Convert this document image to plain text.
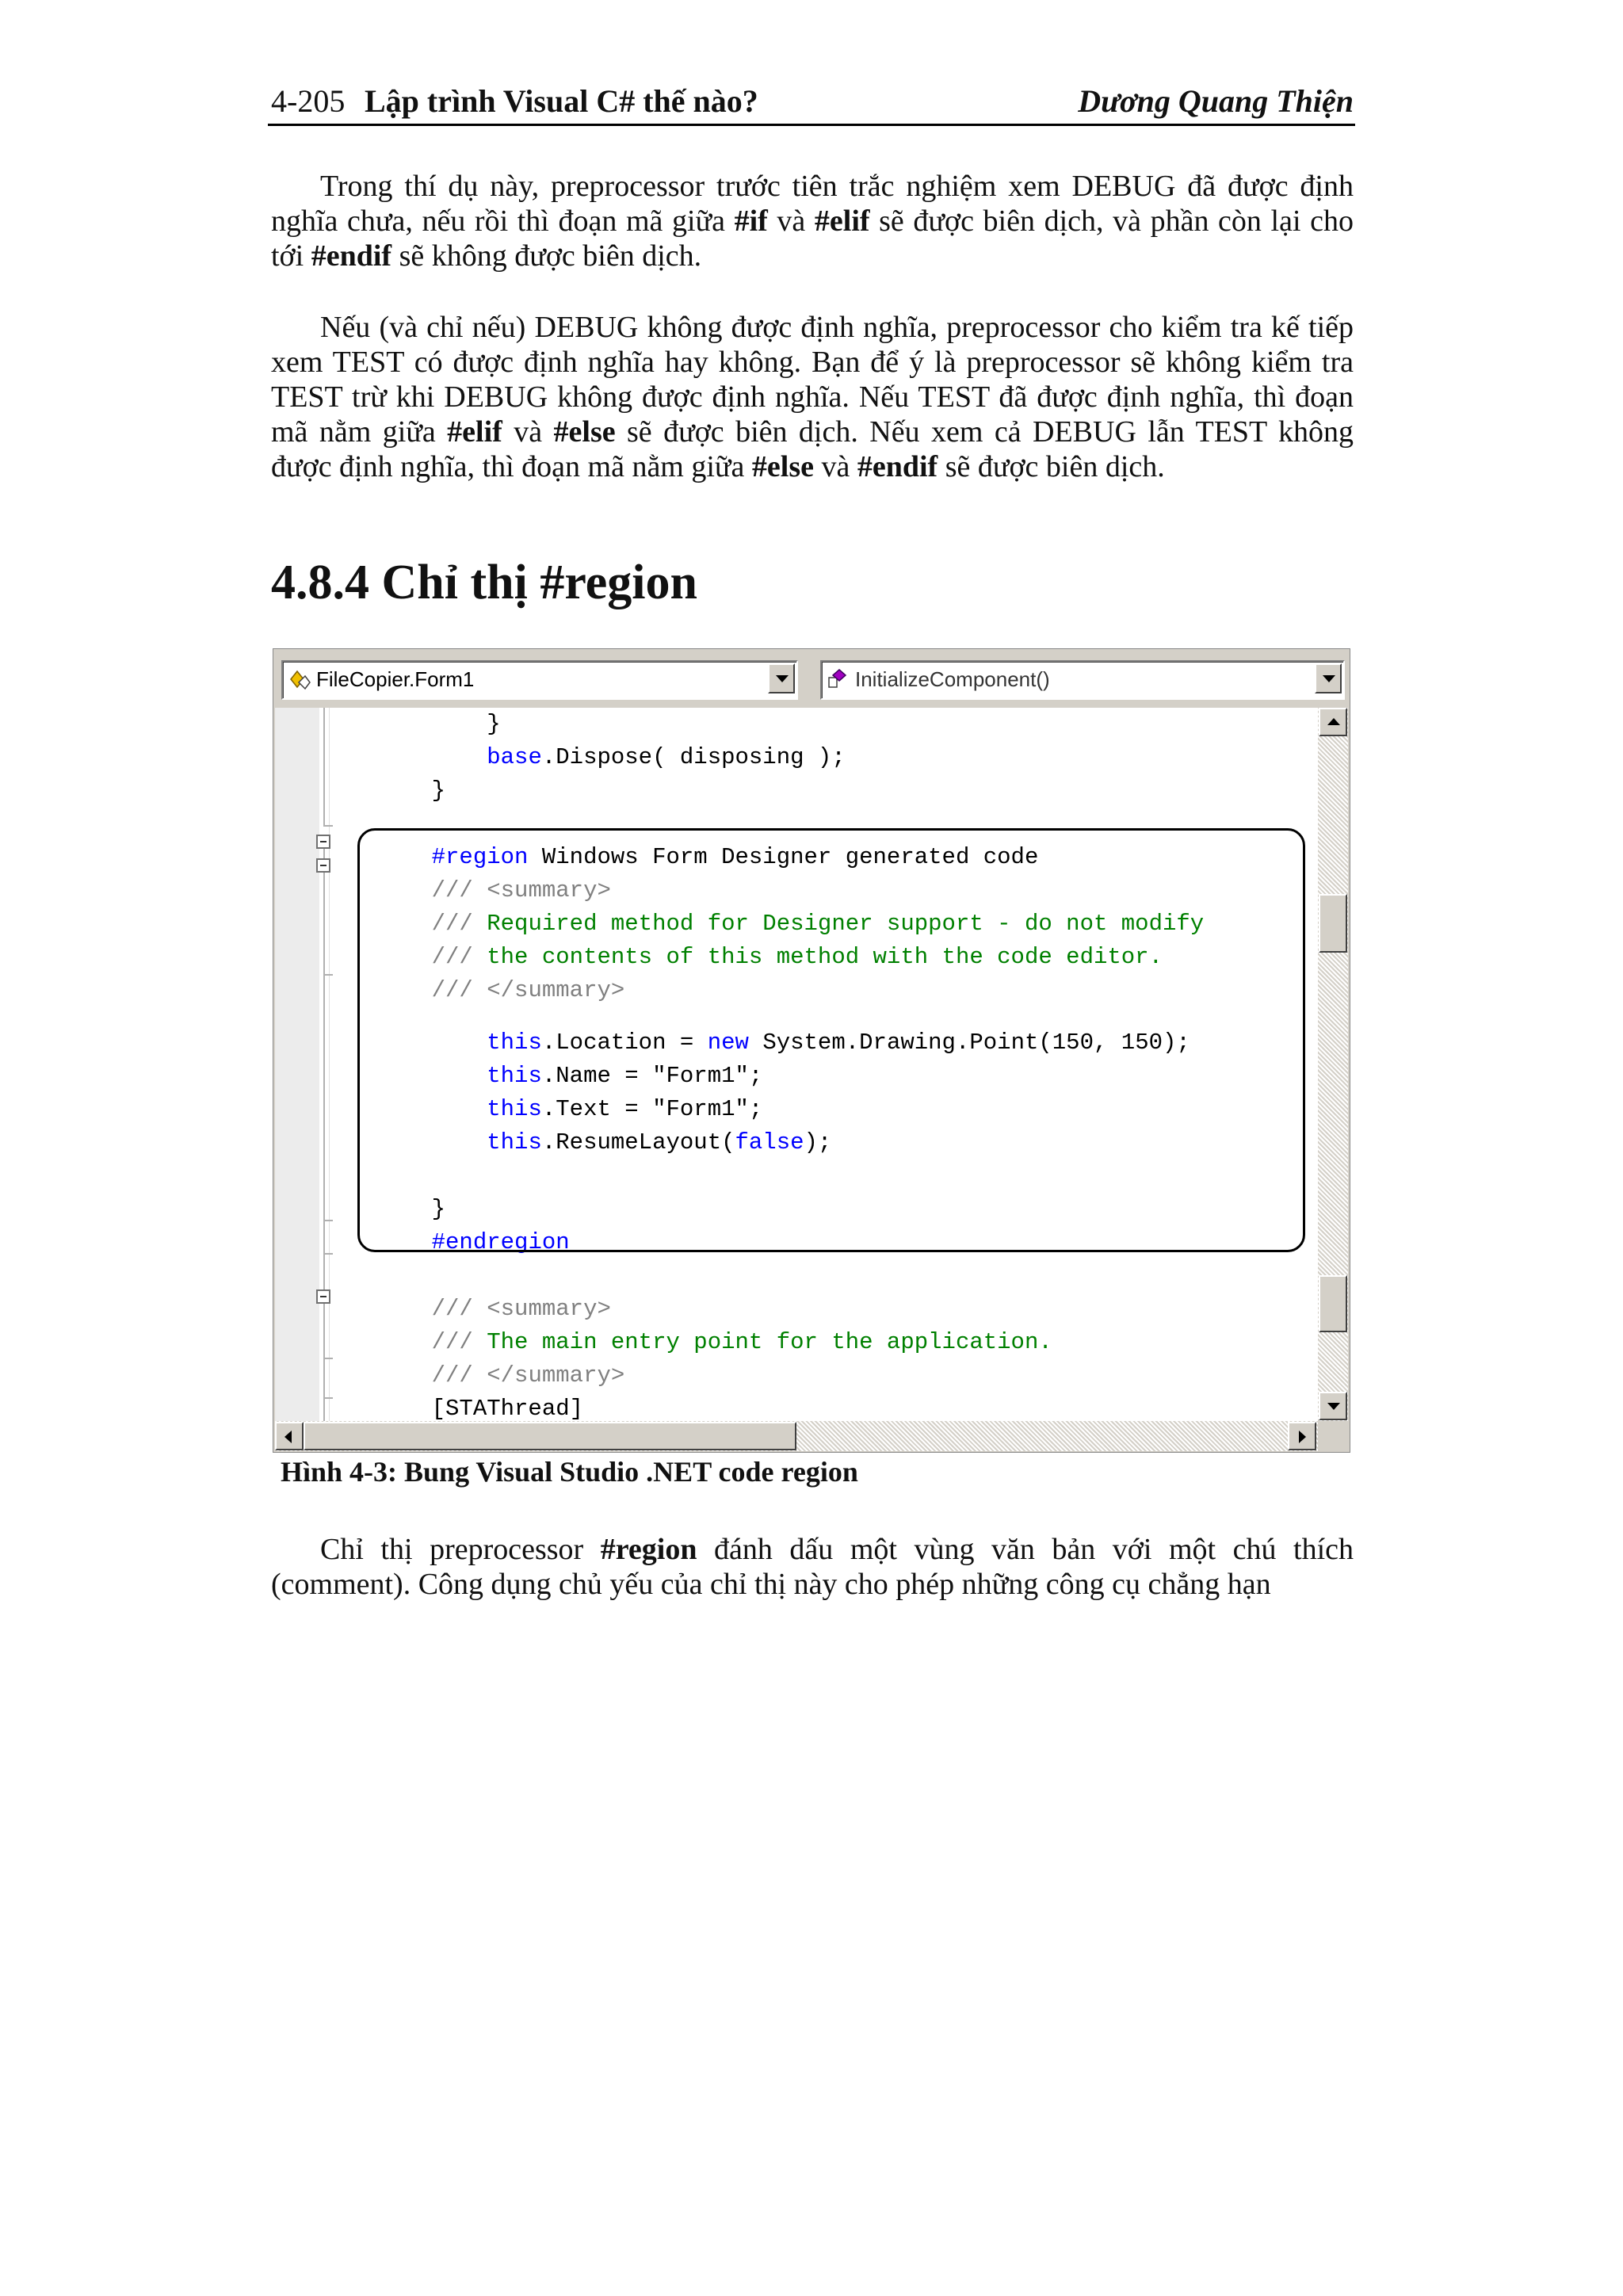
4-205 Lập trình Visual C# thế nào?	Dương Quang Thiện

Trong thí dụ này, preprocessor trước tiên trắc nghiệm xem DEBUG đã được định nghĩa chưa, nếu rồi thì đoạn mã giữa #if và #elif sẽ được biên dịch, và phần còn lại cho tới #endif sẽ không được biên dịch.

Nếu (và chỉ nếu) DEBUG không được định nghĩa, preprocessor cho kiểm tra kế tiếp xem TEST có được định nghĩa hay không. Bạn để ý là preprocessor sẽ không kiểm tra TEST trừ khi DEBUG không được định nghĩa. Nếu TEST đã được định nghĩa, thì đoạn mã nằm giữa #elif và #else sẽ được biên dịch. Nếu xem cả DEBUG lẫn TEST không được định nghĩa, thì đoạn mã nằm giữa #else và #endif sẽ được biên dịch.

4.8.4 Chỉ thị #region
FileCopier.Form1	InitializeComponent()
}
base.Dispose( disposing );
}
#region Windows Form Designer generated code
/// <summary>
/// Required method for Designer support - do not modify
/// the contents of this method with the code editor.
/// </summary>
this.Location = new System.Drawing.Point(150, 150);
this.Name = "Form1";
this.Text = "Form1";
this.ResumeLayout(false);
}
#endregion
/// <summary>
/// The main entry point for the application.
/// </summary>
[STAThread]
Hình 4-3: Bung Visual Studio .NET code region

Chỉ thị preprocessor #region đánh dấu một vùng văn bản với một chú thích (comment). Công dụng chủ yếu của chỉ thị này cho phép những công cụ chẳng hạn
